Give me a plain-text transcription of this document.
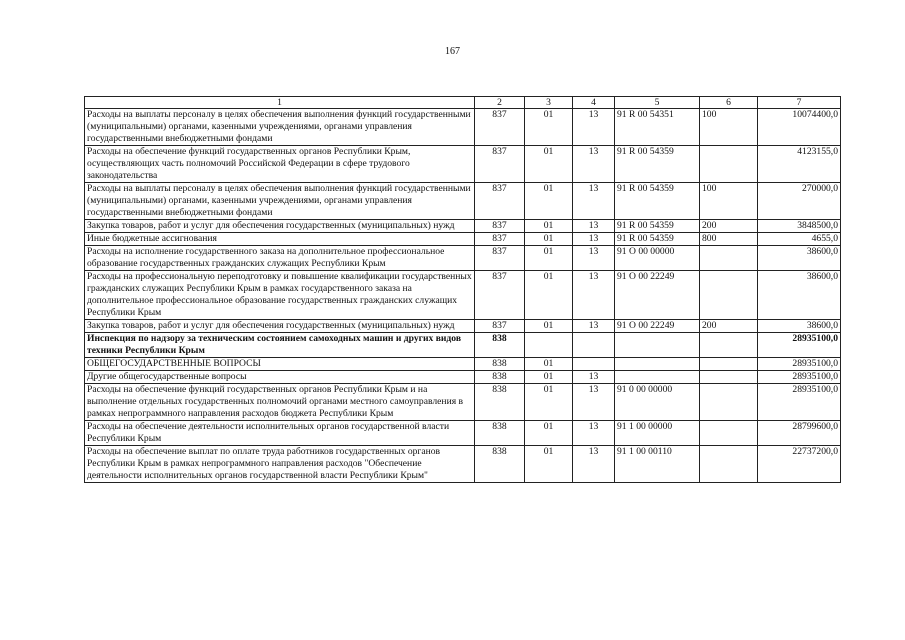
167
1	2	3	4	5	6	7
Расходы на выплаты персоналу в целях обеспечения выполнения функций государственными (муниципальными) органами, казенными учреждениями, органами управления государственными внебюджетными фондами	837	01	13	91 R 00 54351	100	10074400,0
Расходы на обеспечение функций государственных органов Республики Крым, осуществляющих часть полномочий Российской Федерации в сфере трудового законодательства	837	01	13	91 R 00 54359		4123155,0
Расходы на выплаты персоналу в целях обеспечения выполнения функций государственными (муниципальными) органами, казенными учреждениями, органами управления государственными внебюджетными фондами	837	01	13	91 R 00 54359	100	270000,0
Закупка товаров, работ и услуг для обеспечения государственных (муниципальных) нужд	837	01	13	91 R 00 54359	200	3848500,0
Иные бюджетные ассигнования	837	01	13	91 R 00 54359	800	4655,0
Расходы на исполнение государственного заказа на дополнительное профессиональное образование государственных гражданских служащих Республики Крым	837	01	13	91 О 00 00000		38600,0
Расходы на профессиональную переподготовку и повышение квалификации государственных гражданских служащих Республики Крым в рамках государственного заказа на дополнительное профессиональное образование государственных гражданских служащих Республики Крым	837	01	13	91 О 00 22249		38600,0
Закупка товаров, работ и услуг для обеспечения государственных (муниципальных) нужд	837	01	13	91 О 00 22249	200	38600,0
Инспекция по надзору за техническим состоянием самоходных машин и других видов техники Республики Крым	838					28935100,0
ОБЩЕГОСУДАРСТВЕННЫЕ ВОПРОСЫ	838	01				28935100,0
Другие общегосударственные вопросы	838	01	13			28935100,0
Расходы на обеспечение функций государственных органов Республики Крым и на выполнение отдельных государственных полномочий органами местного самоуправления в рамках непрограммного направления расходов бюджета Республики Крым	838	01	13	91 0 00 00000		28935100,0
Расходы на обеспечение деятельности исполнительных органов государственной власти Республики Крым	838	01	13	91 1 00 00000		28799600,0
Расходы на обеспечение выплат по оплате труда работников государственных органов Республики Крым в рамках непрограммного направления расходов "Обеспечение деятельности исполнительных органов государственной власти Республики Крым"	838	01	13	91 1 00 00110		22737200,0
